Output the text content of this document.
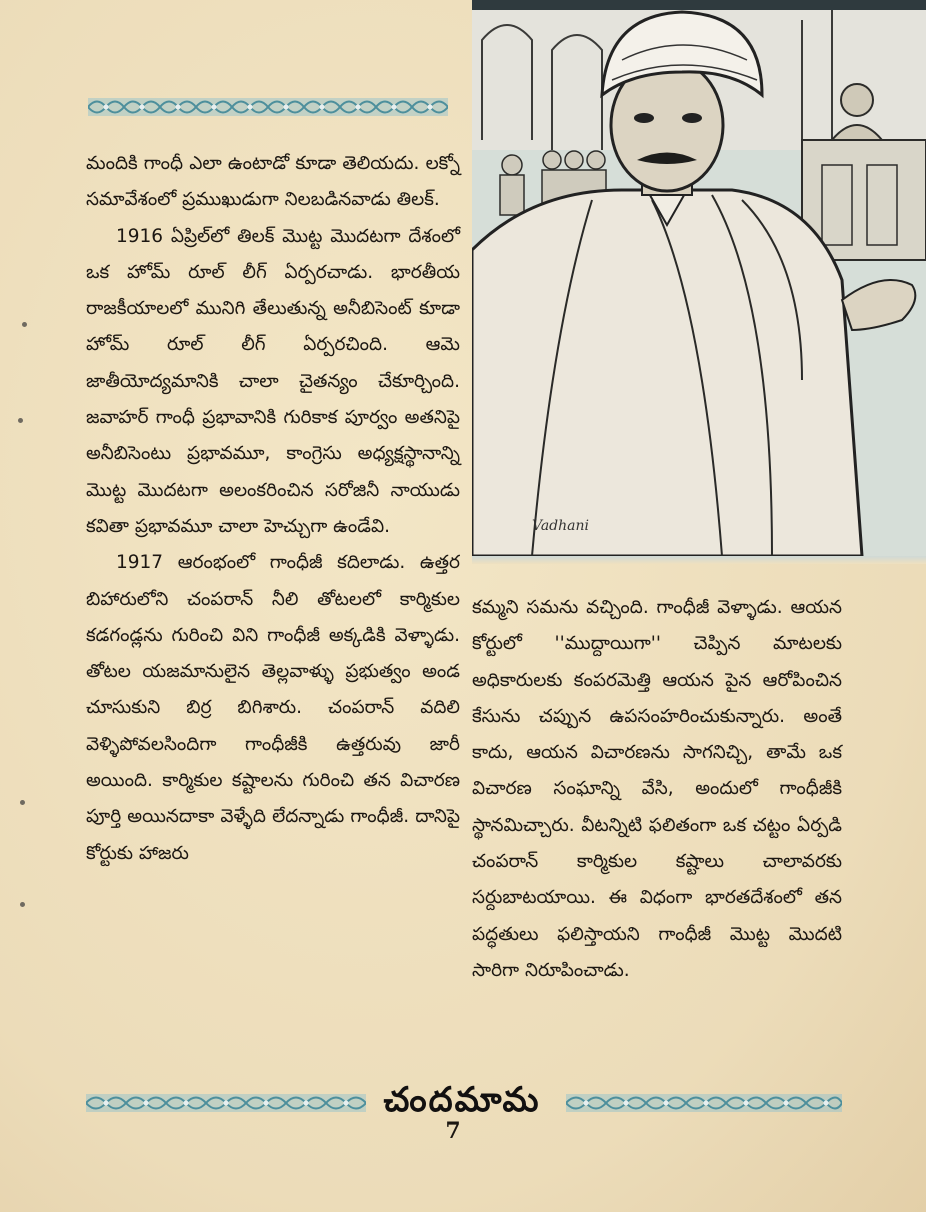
మందికి గాంధీ ఎలా ఉంటాడో కూడా తెలియదు. లక్నో సమావేశంలో ప్రముఖుడుగా నిలబడినవాడు తిలక్.

1916 ఏప్రిల్‌లో తిలక్ మొట్ట మొదటగా దేశంలో ఒక హోమ్ రూల్ లీగ్ ఏర్పరచాడు. భారతీయ రాజకీయాలలో మునిగి తేలుతున్న అనీబిసెంట్ కూడా హోమ్ రూల్ లీగ్ ఏర్పరచింది. ఆమె జాతీయోద్యమానికి చాలా చైతన్యం చేకూర్చింది. జవాహర్ గాంధీ ప్రభావానికి గురికాక పూర్వం అతనిపై అనీబిసెంటు ప్రభావమూ, కాంగ్రెసు అధ్యక్షస్థానాన్ని మొట్ట మొదటగా అలంకరించిన సరోజినీ నాయుడు కవితా ప్రభావమూ చాలా హెచ్చుగా ఉండేవి.

1917 ఆరంభంలో గాంధీజీ కదిలాడు. ఉత్తర బిహారులోని చంపరాన్ నీలి తోటలలో కార్మికుల కడగండ్లను గురించి విని గాంధీజీ అక్కడికి వెళ్ళాడు. తోటల యజమానులైన తెల్లవాళ్ళు ప్రభుత్వం అండ చూసుకుని బిర్ర బిగిశారు. చంపరాన్ వదిలి వెళ్ళిపోవలసిందిగా గాంధీజీకి ఉత్తరువు జారీ అయింది. కార్మికుల కష్టాలను గురించి తన విచారణ పూర్తి అయినదాకా వెళ్ళేది లేదన్నాడు గాంధీజీ. దానిపై కోర్టుకు హాజరు

Vadhani

కమ్మని సమను వచ్చింది. గాంధీజీ వెళ్ళాడు. ఆయన కోర్టులో ''ముద్దాయిగా'' చెప్పిన మాటలకు అధికారులకు కంపరమెత్తి ఆయన పైన ఆరోపించిన కేసును చప్పున ఉపసంహరించుకున్నారు. అంతే కాదు, ఆయన విచారణను సాగనిచ్చి, తామే ఒక విచారణ సంఘాన్ని వేసి, అందులో గాంధీజీకి స్థానమిచ్చారు. వీటన్నిటి ఫలితంగా ఒక చట్టం ఏర్పడి చంపరాన్ కార్మికుల కష్టాలు చాలావరకు సర్దుబాటయాయి. ఈ విధంగా భారతదేశంలో తన పద్ధతులు ఫలిస్తాయని గాంధీజీ మొట్ట మొదటి సారిగా నిరూపించాడు.

చందమామ
7
